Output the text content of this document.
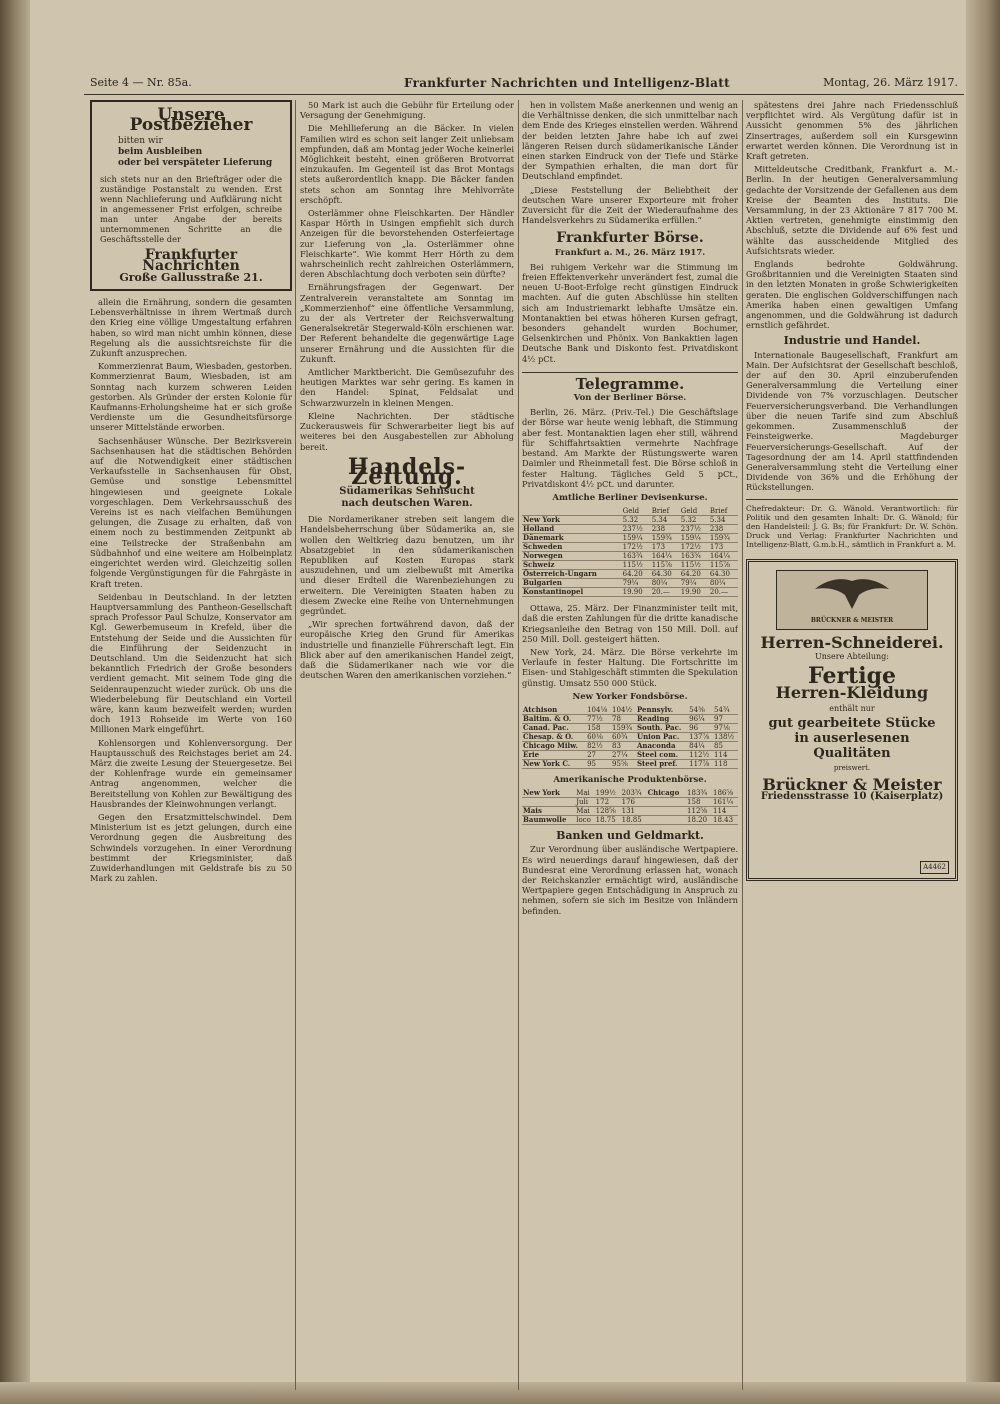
Seite 4 — Nr. 85a.	Frankfurter Nachrichten und Intelligenz-Blatt	Montag, 26. März 1917.
Unsere Postbezieher
bitten wir
beim Ausbleiben
oder bei verspäteter Lieferung
sich stets nur an den Briefträger oder die zuständige Postanstalt zu wenden. Erst wenn Nachlieferung und Aufklärung nicht in angemessener Frist erfolgen, schreibe man unter Angabe der bereits unternommenen Schritte an die Geschäftsstelle der
Frankfurter Nachrichten
Große Gallusstraße 21.

allein die Ernährung, sondern die gesamten Lebensverhältnisse in ihrem Wertmaß durch den Krieg eine völlige Umgestaltung erfahren haben, so wird man nicht umhin können, diese Regelung als die aussichtsreichste für die Zukunft anzusprechen.

Kommerzienrat Baum, Wiesbaden, gestorben. Kommerzienrat Baum, Wiesbaden, ist am Sonntag nach kurzem schweren Leiden gestorben. Als Gründer der ersten Kolonie für Kaufmanns-Erholungsheime hat er sich große Verdienste um die Gesundheitsfürsorge unserer Mittelstände erworben.

Sachsenhäuser Wünsche. Der Bezirksverein Sachsenhausen hat die städtischen Behörden auf die Notwendigkeit einer städtischen Verkaufsstelle in Sachsenhausen für Obst, Gemüse und sonstige Lebensmittel hingewiesen und geeignete Lokale vorgeschlagen. Dem Verkehrsausschuß des Vereins ist es nach vielfachen Bemühungen gelungen, die Zusage zu erhalten, daß von einem noch zu bestimmenden Zeitpunkt ab eine Teilstrecke der Straßenbahn am Südbahnhof und eine weitere am Holbeinplatz eingerichtet werden wird. Gleichzeitig sollen folgende Vergünstigungen für die Fahrgäste in Kraft treten.

Seidenbau in Deutschland. In der letzten Hauptversammlung des Pantheon-Gesellschaft sprach Professor Paul Schulze, Konservator am Kgl. Gewerbemuseum in Krefeld, über die Entstehung der Seide und die Aussichten für die Einführung der Seidenzucht in Deutschland. Um die Seidenzucht hat sich bekanntlich Friedrich der Große besonders verdient gemacht. Mit seinem Tode ging die Seidenraupenzucht wieder zurück. Ob uns die Wiederbelebung für Deutschland ein Vorteil wäre, kann kaum bezweifelt werden; wurden doch 1913 Rohseide im Werte von 160 Millionen Mark eingeführt.

Kohlensorgen und Kohlenversorgung. Der Hauptausschuß des Reichstages beriet am 24. März die zweite Lesung der Steuergesetze. Bei der Kohlenfrage wurde ein gemeinsamer Antrag angenommen, welcher die Bereitstellung von Kohlen zur Bewältigung des Hausbrandes der Kleinwohnungen verlangt.

Gegen den Ersatzmittelschwindel. Dem Ministerium ist es jetzt gelungen, durch eine Verordnung gegen die Ausbreitung des Schwindels vorzugehen. In einer Verordnung bestimmt der Kriegsminister, daß Zuwiderhandlungen mit Geldstrafe bis zu 50 Mark zu zahlen.

50 Mark ist auch die Gebühr für Erteilung oder Versagung der Genehmigung.

Die Mehllieferung an die Bäcker. In vielen Familien wird es schon seit langer Zeit unliebsam empfunden, daß am Montag jeder Woche keinerlei Möglichkeit besteht, einen größeren Brotvorrat einzukaufen. Im Gegenteil ist das Brot Montags stets außerordentlich knapp. Die Bäcker fanden stets schon am Sonntag ihre Mehlvorräte erschöpft.

Osterlämmer ohne Fleischkarten. Der Händler Kaspar Hörth in Usingen empfiehlt sich durch Anzeigen für die bevorstehenden Osterfeiertage zur Lieferung von „la. Osterlämmer ohne Fleischkarte“. Wie kommt Herr Hörth zu dem wahrscheinlich recht zahlreichen Osterlämmern, deren Abschlachtung doch verboten sein dürfte?

Ernährungsfragen der Gegenwart. Der Zentralverein veranstaltete am Sonntag im „Kommerzienhof“ eine öffentliche Versammlung, zu der als Vertreter der Reichsverwaltung Generalsekretär Stegerwald-Köln erschienen war. Der Referent behandelte die gegenwärtige Lage unserer Ernährung und die Aussichten für die Zukunft.

Amtlicher Marktbericht. Die Gemüsezufuhr des heutigen Marktes war sehr gering. Es kamen in den Handel: Spinat, Feldsalat und Schwarzwurzeln in kleinen Mengen.

Kleine Nachrichten. Der städtische Zuckerausweis für Schwerarbeiter liegt bis auf weiteres bei den Ausgabestellen zur Abholung bereit.

Handels-Zeitung.
Südamerikas Sehnsucht
nach deutschen Waren.

Die Nordamerikaner streben seit langem die Handelsbeherrschung über Südamerika an, sie wollen den Weltkrieg dazu benutzen, um ihr Absatzgebiet in den südamerikanischen Republiken auf Kosten Europas stark auszudehnen, und um zielbewußt mit Amerika und dieser Erdteil die Warenbeziehungen zu erweitern. Die Vereinigten Staaten haben zu diesem Zwecke eine Reihe von Unternehmungen gegründet.

„Wir sprechen fortwährend davon, daß der europäische Krieg den Grund für Amerikas industrielle und finanzielle Führerschaft legt. Ein Blick aber auf den amerikanischen Handel zeigt, daß die Südamerikaner nach wie vor die deutschen Waren den amerikanischen vorziehen.“

hen in vollstem Maße anerkennen und wenig an die Verhältnisse denken, die sich unmittelbar nach dem Ende des Krieges einstellen werden. Während der beiden letzten Jahre habe ich auf zwei längeren Reisen durch südamerikanische Länder einen starken Eindruck von der Tiefe und Stärke der Sympathien erhalten, die man dort für Deutschland empfindet.

„Diese Feststellung der Beliebtheit der deutschen Ware unserer Exporteure mit froher Zuversicht für die Zeit der Wiederaufnahme des Handelsverkehrs zu Südamerika erfüllen.“

Frankfurter Börse.
Frankfurt a. M., 26. März 1917.

Bei ruhigem Verkehr war die Stimmung im freien Effektenverkehr unverändert fest, zumal die neuen U-Boot-Erfolge recht günstigen Eindruck machten. Auf die guten Abschlüsse hin stellten sich am Industriemarkt lebhafte Umsätze ein. Montanaktien bei etwas höheren Kursen gefragt, besonders gehandelt wurden Bochumer, Gelsenkirchen und Phönix. Von Bankaktien lagen Deutsche Bank und Diskonto fest. Privatdiskont 4½ pCt.

Telegramme.
Von der Berliner Börse.

Berlin, 26. März. (Priv.-Tel.) Die Geschäftslage der Börse war heute wenig lebhaft, die Stimmung aber fest. Montanaktien lagen eher still, während für Schiffahrtsaktien vermehrte Nachfrage bestand. Am Markte der Rüstungswerte waren Daimler und Rheinmetall fest. Die Börse schloß in fester Haltung. Tägliches Geld 5 pCt., Privatdiskont 4½ pCt. und darunter.

Amtliche Berliner Devisenkurse.
	Geld	Brief	Geld	Brief
New York	5.32	5.34	5.32	5.34
Holland	237½	238	237½	238
Dänemark	159¼	159¾	159¼	159¾
Schweden	172½	173	172½	173
Norwegen	163¾	164¼	163¾	164¼
Schweiz	115½	115⅞	115½	115⅞
Österreich-Ungarn	64.20	64.30	64.20	64.30
Bulgarien	79¼	80¼	79¼	80¼
Konstantinopel	19.90	20.—	19.90	20.—

Ottawa, 25. März. Der Finanzminister teilt mit, daß die ersten Zahlungen für die dritte kanadische Kriegsanleihe den Betrag von 150 Mill. Doll. auf 250 Mill. Doll. gesteigert hätten.

New York, 24. März. Die Börse verkehrte im Verlaufe in fester Haltung. Die Fortschritte im Eisen- und Stahlgeschäft stimmten die Spekulation günstig. Umsatz 550 000 Stück.

New Yorker Fondsbörse.
Atchison	104⅛	104½	Pennsylv.	54⅜	54¾
Baltim. & O.	77½	78	Reading	96¼	97
Canad. Pac.	158	159¾	South. Pac.	96	97⅛
Chesap. & O.	60⅛	60¾	Union Pac.	137⅞	138½
Chicago Milw.	82½	83	Anaconda	84¼	85
Erie	27	27¼	Steel com.	112½	114
New York C.	95	95⅝	Steel pref.	117⅞	118
Amerikanische Produktenbörse.
New York	Mai	199½	203¾	Chicago	183¾	186⅝
	Juli	172	176		158	161¼
Mais	Mai	128⅝	131		112⅝	114
Baumwolle	loco	18.75	18.85		18.20	18.43
Banken und Geldmarkt.

Zur Verordnung über ausländische Wertpapiere. Es wird neuerdings darauf hingewiesen, daß der Bundesrat eine Verordnung erlassen hat, wonach der Reichskanzler ermächtigt wird, ausländische Wertpapiere gegen Entschädigung in Anspruch zu nehmen, sofern sie sich im Besitze von Inländern befinden.

spätestens drei Jahre nach Friedensschluß verpflichtet wird. Als Vergütung dafür ist in Aussicht genommen 5% des jährlichen Zinsertrages, außerdem soll ein Kursgewinn erwartet werden können. Die Verordnung ist in Kraft getreten.

Mitteldeutsche Creditbank, Frankfurt a. M.-Berlin. In der heutigen Generalversammlung gedachte der Vorsitzende der Gefallenen aus dem Kreise der Beamten des Instituts. Die Versammlung, in der 23 Aktionäre 7 817 700 M. Aktien vertreten, genehmigte einstimmig den Abschluß, setzte die Dividende auf 6% fest und wählte das ausscheidende Mitglied des Aufsichtsrats wieder.

Englands bedrohte Goldwährung. Großbritannien und die Vereinigten Staaten sind in den letzten Monaten in große Schwierigkeiten geraten. Die englischen Goldverschiffungen nach Amerika haben einen gewaltigen Umfang angenommen, und die Goldwährung ist dadurch ernstlich gefährdet.

Industrie und Handel.

Internationale Baugesellschaft, Frankfurt am Main. Der Aufsichtsrat der Gesellschaft beschloß, der auf den 30. April einzuberufenden Generalversammlung die Verteilung einer Dividende von 7% vorzuschlagen. Deutscher Feuerversicherungsverband. Die Verhandlungen über die neuen Tarife sind zum Abschluß gekommen. Zusammenschluß der Feinsteigwerke. Magdeburger Feuerversicherungs-Gesellschaft. Auf der Tagesordnung der am 14. April stattfindenden Generalversammlung steht die Verteilung einer Dividende von 36% und die Erhöhung der Rückstellungen.

Chefredakteur: Dr. G. Wänold. Verantwortlich: für Politik und den gesamten Inhalt: Dr. G. Wänold; für den Handelsteil: J. G. Bs; für Frankfurt: Dr. W. Schön. Druck und Verlag: Frankfurter Nachrichten und Intelligenz-Blatt, G.m.b.H., sämtlich in Frankfurt a. M.
BRÜCKNER & MEISTER
Herren-Schneiderei.
Unsere Abteilung:
Fertige
Herren-Kleidung
enthält nur
gut gearbeitete Stücke
in auserlesenen Qualitäten
preiswert.
Brückner & Meister
Friedensstrasse 10 (Kaiserplatz)
A4462
